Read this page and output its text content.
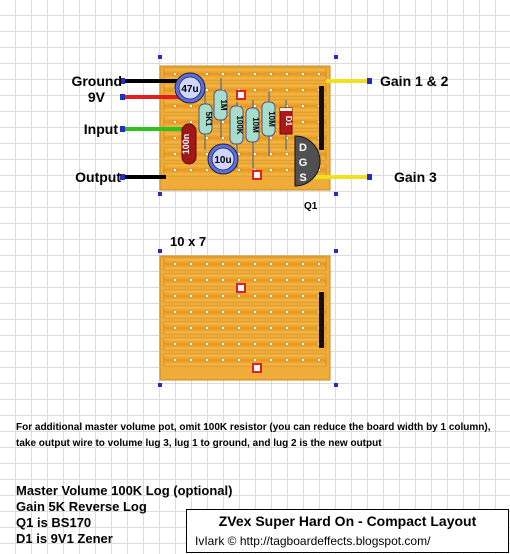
100n
5K1
1M
100K 10M 10M D1
47u
10u
D
G
S
Ground
9V
Input
Output
Gain 1 & 2
Gain 3
Q1
10 x 7
For additional master volume pot, omit 100K resistor (you can reduce the board width by 1 column), take output wire to volume lug 3, lug 1 to ground, and lug 2 is the new output
Master Volume 100K Log (optional)
Gain 5K Reverse Log
Q1 is BS170
D1 is 9V1 Zener
ZVex Super Hard On - Compact Layout
IvIark © http://tagboardeffects.blogspot.com/
